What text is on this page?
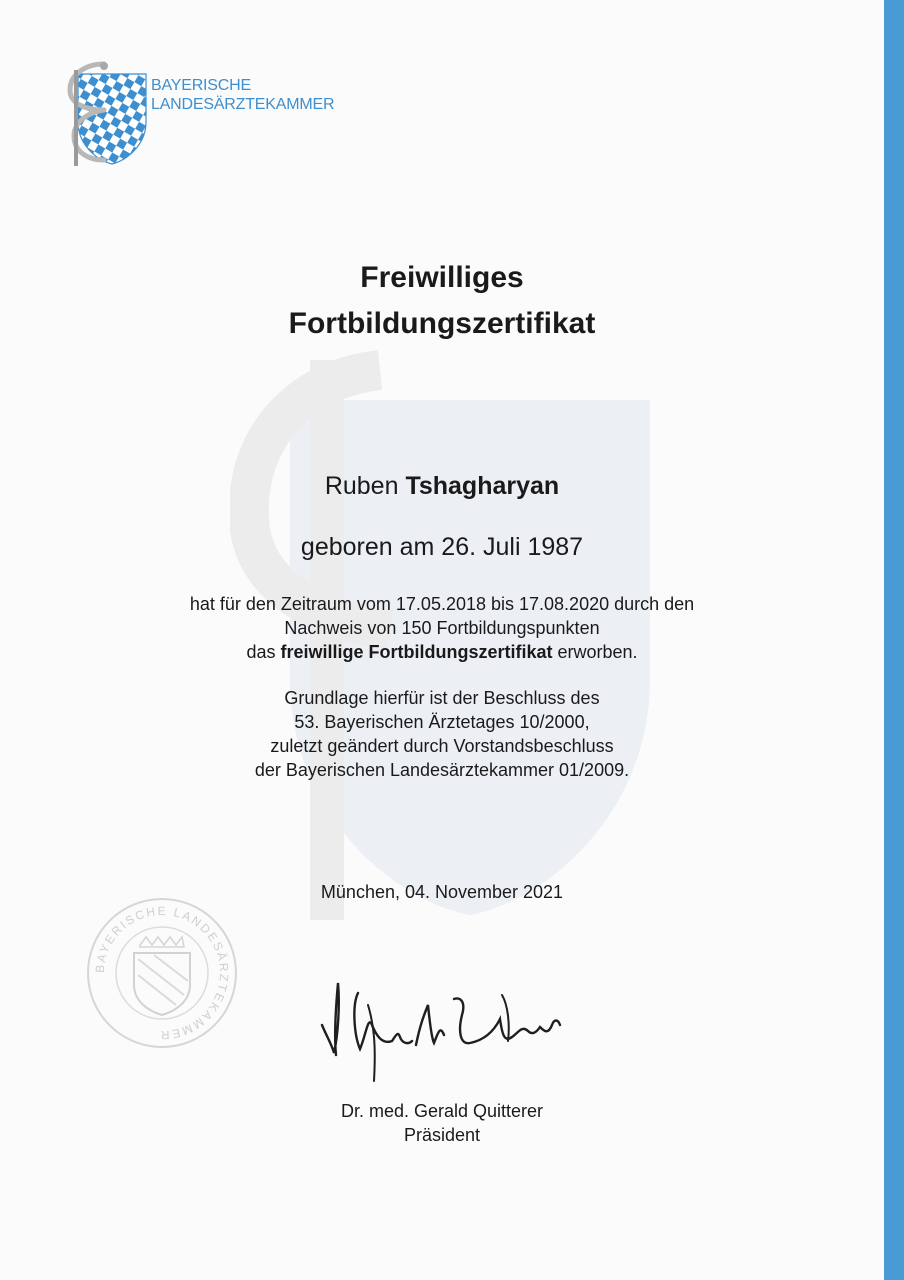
BAYERISCHE
LANDESÄRZTEKAMMER
Freiwilliges
Fortbildungszertifikat
Ruben Tshagharyan
geboren am 26. Juli 1987
hat für den Zeitraum vom 17.05.2018 bis 17.08.2020 durch den
Nachweis von 150 Fortbildungspunkten
das freiwillige Fortbildungszertifikat erworben.
Grundlage hierfür ist der Beschluss des
53. Bayerischen Ärztetages 10/2000,
zuletzt geändert durch Vorstandsbeschluss
der Bayerischen Landesärztekammer 01/2009.
München, 04. November 2021
BAYERISCHE LANDESÄRZTEKAMMER
Dr. med. Gerald Quitterer
Präsident
